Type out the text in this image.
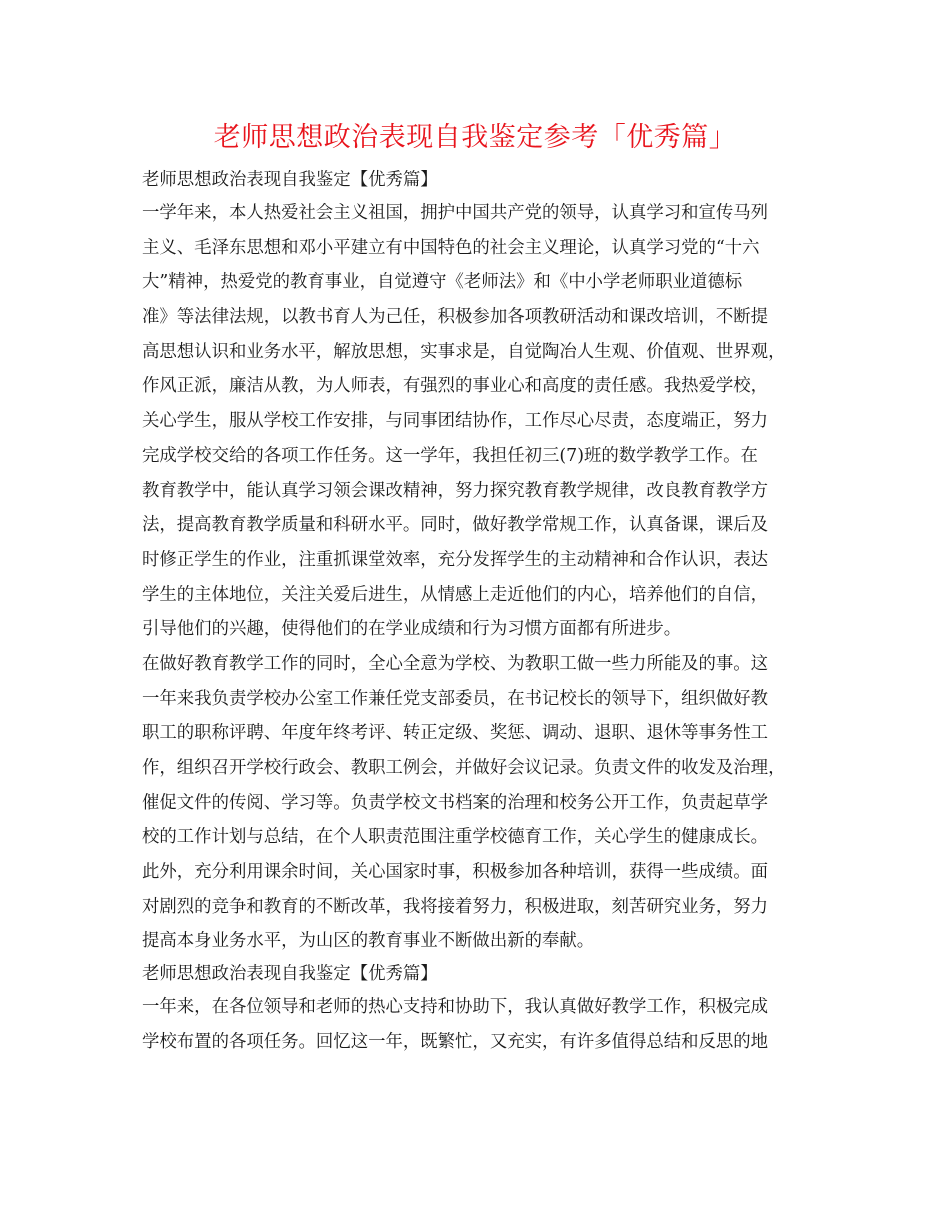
老师思想政治表现自我鉴定参考「优秀篇」
老师思想政治表现自我鉴定【优秀篇】
一学年来，本人热爱社会主义祖国，拥护中国共产党的领导，认真学习和宣传马列
主义、毛泽东思想和邓小平建立有中国特色的社会主义理论，认真学习党的“十六
大”精神，热爱党的教育事业，自觉遵守《老师法》和《中小学老师职业道德标
准》等法律法规，以教书育人为己任，积极参加各项教研活动和课改培训，不断提
高思想认识和业务水平，解放思想，实事求是，自觉陶冶人生观、价值观、世界观，
作风正派，廉洁从教，为人师表，有强烈的事业心和高度的责任感。我热爱学校，
关心学生，服从学校工作安排，与同事团结协作，工作尽心尽责，态度端正，努力
完成学校交给的各项工作任务。这一学年，我担任初三(7)班的数学教学工作。在
教育教学中，能认真学习领会课改精神，努力探究教育教学规律，改良教育教学方
法，提高教育教学质量和科研水平。同时，做好教学常规工作，认真备课，课后及
时修正学生的作业，注重抓课堂效率，充分发挥学生的主动精神和合作认识，表达
学生的主体地位，关注关爱后进生，从情感上走近他们的内心，培养他们的自信，
引导他们的兴趣，使得他们的在学业成绩和行为习惯方面都有所进步。
在做好教育教学工作的同时，全心全意为学校、为教职工做一些力所能及的事。这
一年来我负责学校办公室工作兼任党支部委员，在书记校长的领导下，组织做好教
职工的职称评聘、年度年终考评、转正定级、奖惩、调动、退职、退休等事务性工
作，组织召开学校行政会、教职工例会，并做好会议记录。负责文件的收发及治理，
催促文件的传阅、学习等。负责学校文书档案的治理和校务公开工作，负责起草学
校的工作计划与总结，在个人职责范围注重学校德育工作，关心学生的健康成长。
此外，充分利用课余时间，关心国家时事，积极参加各种培训，获得一些成绩。面
对剧烈的竞争和教育的不断改革，我将接着努力，积极进取，刻苦研究业务，努力
提高本身业务水平，为山区的教育事业不断做出新的奉献。
老师思想政治表现自我鉴定【优秀篇】
一年来，在各位领导和老师的热心支持和协助下，我认真做好教学工作，积极完成
学校布置的各项任务。回忆这一年，既繁忙，又充实，有许多值得总结和反思的地
